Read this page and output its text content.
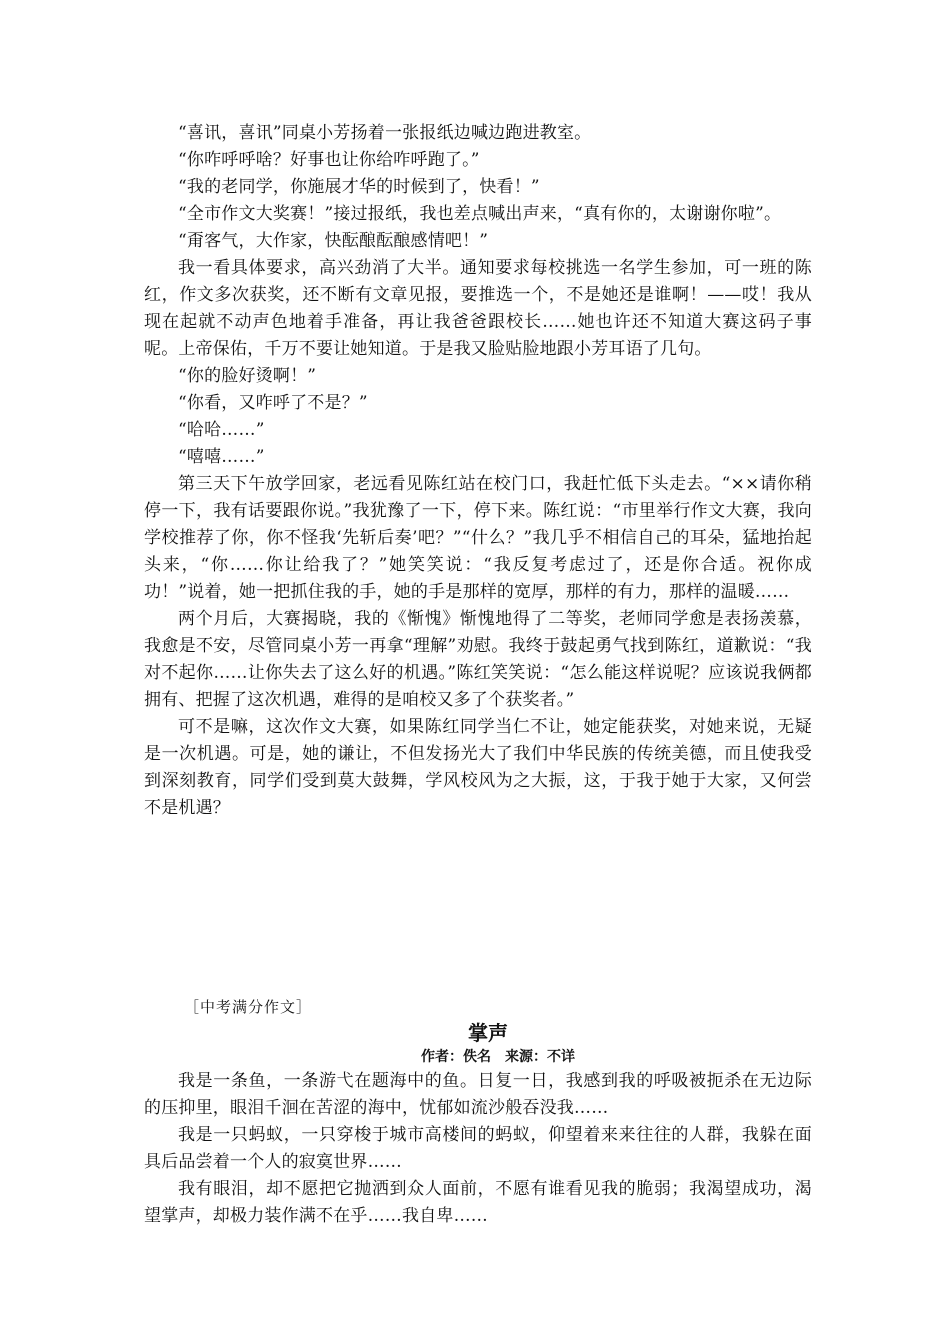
“喜讯，喜讯”同桌小芳扬着一张报纸边喊边跑进教室。

“你咋呼呼啥？好事也让你给咋呼跑了。”

“我的老同学，你施展才华的时候到了，快看！”

“全市作文大奖赛！”接过报纸，我也差点喊出声来，“真有你的，太谢谢你啦”。

“甭客气，大作家，快酝酿酝酿感情吧！”

我一看具体要求，高兴劲消了大半。通知要求每校挑选一名学生参加，可一班的陈红，作文多次获奖，还不断有文章见报，要推选一个，不是她还是谁啊！——哎！我从现在起就不动声色地着手准备，再让我爸爸跟校长……她也许还不知道大赛这码子事呢。上帝保佑，千万不要让她知道。于是我又脸贴脸地跟小芳耳语了几句。

“你的脸好烫啊！”

“你看，又咋呼了不是？”

“哈哈……”

“嘻嘻……”

第三天下午放学回家，老远看见陈红站在校门口，我赶忙低下头走去。“××请你稍停一下，我有话要跟你说。”我犹豫了一下，停下来。陈红说：“市里举行作文大赛，我向学校推荐了你，你不怪我‘先斩后奏’吧？”“什么？”我几乎不相信自己的耳朵，猛地抬起头来，“你……你让给我了？”她笑笑说：“我反复考虑过了，还是你合适。祝你成功！”说着，她一把抓住我的手，她的手是那样的宽厚，那样的有力，那样的温暖……

两个月后，大赛揭晓，我的《惭愧》惭愧地得了二等奖，老师同学愈是表扬羡慕，我愈是不安，尽管同桌小芳一再拿“理解”劝慰。我终于鼓起勇气找到陈红，道歉说：“我对不起你……让你失去了这么好的机遇。”陈红笑笑说：“怎么能这样说呢？应该说我俩都拥有、把握了这次机遇，难得的是咱校又多了个获奖者。”

可不是嘛，这次作文大赛，如果陈红同学当仁不让，她定能获奖，对她来说，无疑是一次机遇。可是，她的谦让，不但发扬光大了我们中华民族的传统美德，而且使我受到深刻教育，同学们受到莫大鼓舞，学风校风为之大振，这，于我于她于大家，又何尝不是机遇？

［中考满分作文］

掌声

作者：佚名　来源：不详

我是一条鱼，一条游弋在题海中的鱼。日复一日，我感到我的呼吸被扼杀在无边际的压抑里，眼泪千洄在苦涩的海中，忧郁如流沙般吞没我……

我是一只蚂蚁，一只穿梭于城市高楼间的蚂蚁，仰望着来来往往的人群，我躲在面具后品尝着一个人的寂寞世界……

我有眼泪，却不愿把它抛洒到众人面前，不愿有谁看见我的脆弱；我渴望成功，渴望掌声，却极力装作满不在乎……我自卑……
